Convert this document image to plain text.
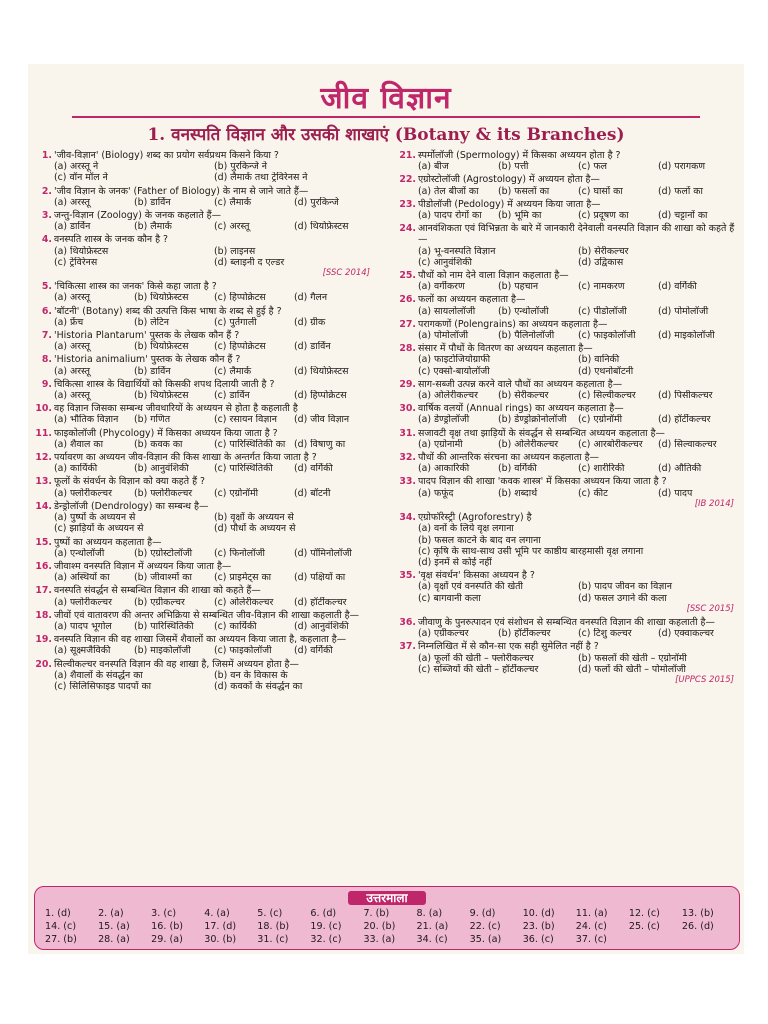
जीव विज्ञान
1. वनस्पति विज्ञान और उसकी शाखाएं (Botany & its Branches)
1. 'जीव-विज्ञान' (Biology) शब्द का प्रयोग सर्वप्रथम किसने किया ?
(a) अरस्तू ने	(b) पुरकिन्जे ने
(c) वॉन मॉल ने	(d) लैमार्क तथा ट्रेविरेनस ने
2. 'जीव विज्ञान के जनक' (Father of Biology) के नाम से जाने जाते हैं—
(a) अरस्तू	(b) डार्विन	(c) लैमार्क	(d) पुरकिन्जे
3. जन्तु-विज्ञान (Zoology) के जनक कहलाते हैं—
(a) डार्विन	(b) लैमार्क	(c) अरस्तू	(d) थियोफ्रेस्टस
4. वनस्पति शास्त्र के जनक कौन है ?
(a) थियोफ्रेस्टस	(b) लाइनस
(c) ट्रेविरेनस	(d) ब्लाइनी द एल्डर
[SSC 2014]
5. 'चिकित्सा शास्त्र का जनक' किसे कहा जाता है ?
(a) अरस्तू	(b) थियोफ्रेस्टस	(c) हिप्पोक्रेटस	(d) गैलन
6. 'बॉटनी' (Botany) शब्द की उत्पत्ति किस भाषा के शब्द से हुई है ?
(a) फ्रेंच	(b) लेटिन	(c) पुर्तगाली	(d) ग्रीक
7. 'Historia Plantarum' पुस्तक के लेखक कौन हैं ?
(a) अरस्तू	(b) थियोफ्रेस्टस	(c) हिप्पोक्रेटस	(d) डार्विन
8. 'Historia animalium' पुस्तक के लेखक कौन हैं ?
(a) अरस्तू	(b) डार्विन	(c) लैमार्क	(d) थियोफ्रेस्टस
9. चिकित्सा शास्त्र के विद्यार्थियों को किसकी शपथ दिलायी जाती है ?
(a) अरस्तू	(b) थियोफ्रेस्टस	(c) डार्विन	(d) हिप्पोक्रेटस
10. वह विज्ञान जिसका सम्बन्ध जीवधारियों के अध्ययन से होता है कहलाती है
(a) भौतिक विज्ञान	(b) गणित	(c) रसायन विज्ञान	(d) जीव विज्ञान
11. फाइकोलॉजी (Phycology) में किसका अध्ययन किया जाता है ?
(a) शैवाल का	(b) कवक का	(c) पारिस्थितिकी का (d) विषाणु का
12. पर्यावरण का अध्ययन जीव-विज्ञान की किस शाखा के अन्तर्गत किया जाता है ?
(a) कार्यिकी	(b) आनुवंशिकी	(c) पारिस्थितिकी	(d) वर्गिकी
13. फूलों के संवर्धन के विज्ञान को क्या कहते हैं ?
(a) फ्लोरीकल्चर	(b) फ्लोरीकल्चर	(c) एग्रोनॉमी	(d) बॉटनी
14. डेन्ड्रोलॉजी (Dendrology) का सम्बन्ध है—
(a) पुष्पों के अध्ययन से	(b) वृक्षों के अध्ययन से
(c) झाड़ियों के अध्ययन से	(d) पौधों के अध्ययन से
15. पुष्पों का अध्ययन कहलाता है—
(a) एन्थोलॉजी	(b) एग्रोस्टोलॉजी	(c) फिनोलॉजी	(d) पॉमिनोलॉजी
16. जीवाश्म वनस्पति विज्ञान में अध्ययन किया जाता है—
(a) अस्थियों का	(b) जीवाश्मों का	(c) प्राइमेट्स का	(d) पक्षियों का
17. वनस्पति संवर्द्धन से सम्बन्धित विज्ञान की शाखा को कहते हैं—
(a) फ्लोरीकल्चर	(b) एग्रीकल्चर	(c) ओलेरीकल्चर	(d) हॉर्टीकल्चर
18. जीवों एवं वातावरण की अन्तर अभिक्रिया से सम्बन्धित जीव-विज्ञान की शाखा कहलाती है—
(a) पादप भूगोल	(b) पारिस्थितिकी	(c) कार्यिकी	(d) आनुवंशिकी
19. वनस्पति विज्ञान की वह शाखा जिसमें शैवालों का अध्ययन किया जाता है, कहलाता है—
(a) सूक्ष्मजैविकी	(b) माइकोलॉजी	(c) फाइकोलॉजी	(d) वर्गिकी
20. सिल्वीकल्चर वनस्पति विज्ञान की वह शाखा है, जिसमें अध्ययन होता है—
(a) शैवालों के संवर्द्धन का	(b) वन के विकास के
(c) सिलिसिफाइड पादपों का	(d) कवकों के संवर्द्धन का
21. स्पर्मोलॉजी (Spermology) में किसका अध्ययन होता है ?
(a) बीज	(b) पत्ती	(c) फल	(d) परागकण
22. एग्रोस्टोलॉजी (Agrostology) में अध्ययन होता है—
(a) तेल बीजों का	(b) फसलों का	(c) घासों का	(d) फलों का
23. पीडोलॉजी (Pedology) में अध्ययन किया जाता है—
(a) पादप रोगों का	(b) भूमि का	(c) प्रदूषण का	(d) चट्टानों का
24. आनवंशिकता एवं विभिन्नता के बारे में जानकारी देनेवाली वनस्पति विज्ञान की शाखा को कहते हैं—
(a) भू-वनस्पति विज्ञान	(b) सेरीकल्चर
(c) आनुवंशिकी	(d) उद्विकास
25. पौधों को नाम देने वाला विज्ञान कहलाता है—
(a) वर्गीकरण	(b) पहचान	(c) नामकरण	(d) वर्गिकी
26. फलों का अध्ययन कहलाता है—
(a) सायलोलॉजी	(b) एन्थोलॉजी	(c) पीडोलॉजी	(d) पोमोलॉजी
27. परागकणों (Polengrains) का अध्ययन कहलाता है—
(a) पोमोलॉजी	(b) पैलिनोलॉजी	(c) फाइकोलॉजी	(d) माइकोलॉजी
28. संसार में पौधों के वितरण का अध्ययन कहलाता है—
(a) फाइटोजियोग्राफी	(b) वानिकी
(c) एक्सो-बायोलॉजी	(d) एथनोबॉटनी
29. साग-सब्जी उत्पन्न करने वाले पौधों का अध्ययन कहलाता है—
(a) ओलेरीकल्चर	(b) सेरीकल्चर	(c) सिल्वीकल्चर	(d) पिसीकल्चर
30. वार्षिक वलयों (Annual rings) का अध्ययन कहलाता है—
(a) डेण्ड्रोलॉजी	(b) डेण्ड्रोक्रोनोलॉजी	(c) एग्रोनॉमी	(d) हॉर्टीकल्चर
31. सजावटी वृक्ष तथा झाड़ियों के संवर्द्धन से सम्बन्धित अध्ययन कहलाता है—
(a) एग्रोनामी	(b) ओलेरीकल्चर	(c) आरबोरीकल्चर	(d) सिल्वाकल्चर
32. पौधों की आन्तरिक संरचना का अध्ययन कहलाता है—
(a) आकारिकी	(b) वर्गिकी	(c) शारीरिकी	(d) औतिकी
33. पादप विज्ञान की शाखा 'कवक शास्त्र' में किसका अध्ययन किया जाता है ?
(a) फफूंद	(b) शब्दार्थ	(c) कीट	(d) पादप
[IB 2014]
34. एग्रोफॉरेस्ट्री (Agroforestry) है
(a) वनों के लिये वृक्ष लगाना
(b) फसल काटने के बाद वन लगाना
(c) कृषि के साथ-साथ उसी भूमि पर काष्ठीय बारहमासी वृक्ष लगाना
(d) इनमें से कोई नहीं
35. 'वृक्ष संवर्धन' किसका अध्ययन है ?
(a) वृक्षों एवं वनस्पति की खेती	(b) पादप जीवन का विज्ञान
(c) बागवानी कला	(d) फसल उगाने की कला
[SSC 2015]
36. जीवाणु के पुनरुत्पादन एवं संशोधन से सम्बन्धित वनस्पति विज्ञान की शाखा कहलाती है—
(a) एग्रीकल्चर	(b) हॉर्टीकल्चर	(c) टिशु कल्चर	(d) एक्वाकल्चर
37. निम्नलिखित में से कौन-सा एक सही सुमेलित नहीं है ?
(a) फूलों की खेती – फ्लोरीकल्चर	(b) फसलों की खेती – एग्रोनॉमी
(c) सब्जियों की खेती – हॉर्टीकल्चर	(d) फलों की खेती – पोमोलॉजी
[UPPCS 2015]
उत्तरमाला
1. (d)	2. (a)	3. (c)	4. (a)	5. (c)	6. (d)	7. (b)	8. (a)	9. (d)	10. (d)	11. (a)	12. (c)	13. (b)
14. (c)	15. (a)	16. (b)	17. (d)	18. (b)	19. (c)	20. (b)	21. (a)	22. (c)	23. (b)	24. (c)	25. (c)	26. (d)
27. (b)	28. (a)	29. (a)	30. (b)	31. (c)	32. (c)	33. (a)	34. (c)	35. (a)	36. (c)	37. (c)
